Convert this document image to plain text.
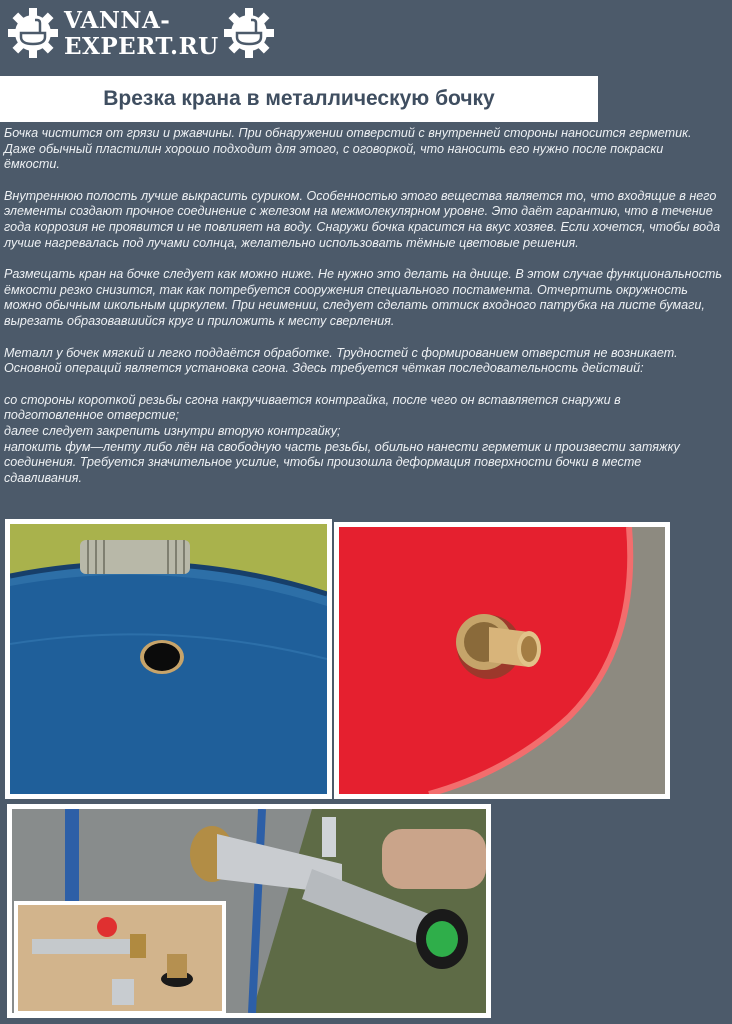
VANNA-
EXPERT.RU
Врезка крана в металлическую бочку

Бочка чистится от грязи и ржавчины. При обнаружении отверстий с внутренней стороны наносится герметик. Даже обычный пластилин хорошо подходит для этого, с оговоркой, что наносить его нужно после покраски ёмкости.

Внутреннюю полость лучше выкрасить суриком. Особенностью этого вещества является то, что входящие в него элементы создают прочное соединение с железом на межмолекулярном уровне. Это даёт гарантию, что в течение года коррозия не проявится и не повлияет на воду. Снаружи бочка красится на вкус хозяев. Если хочется, чтобы вода лучше нагревалась под лучами солнца, желательно использовать тёмные цветовые решения.

Размещать кран на бочке следует как можно ниже. Не нужно это делать на днище. В этом случае функциональность ёмкости резко снизится, так как потребуется сооружения специального постамента. Отчертить окружность можно обычным школьным циркулем. При неимении, следует сделать оттиск входного патрубка на листе бумаги, вырезать образовавшийся круг и приложить к месту сверления.

Металл у бочек мягкий и легко поддаётся обработке. Трудностей с формированием отверстия не возникает. Основной операций является установка сгона. Здесь требуется чёткая последовательность действий:

со стороны короткой резьбы сгона накручивается контргайка, после чего он вставляется снаружи в подготовленное отверстие;
далее следует закрепить изнутри вторую контргайку;
напокить фум—ленту либо лён на свободную часть резьбы, обильно нанести герметик и произвести затяжку соединения. Требуется значительное усилие, чтобы произошла деформация поверхности бочки в месте сдавливания.
